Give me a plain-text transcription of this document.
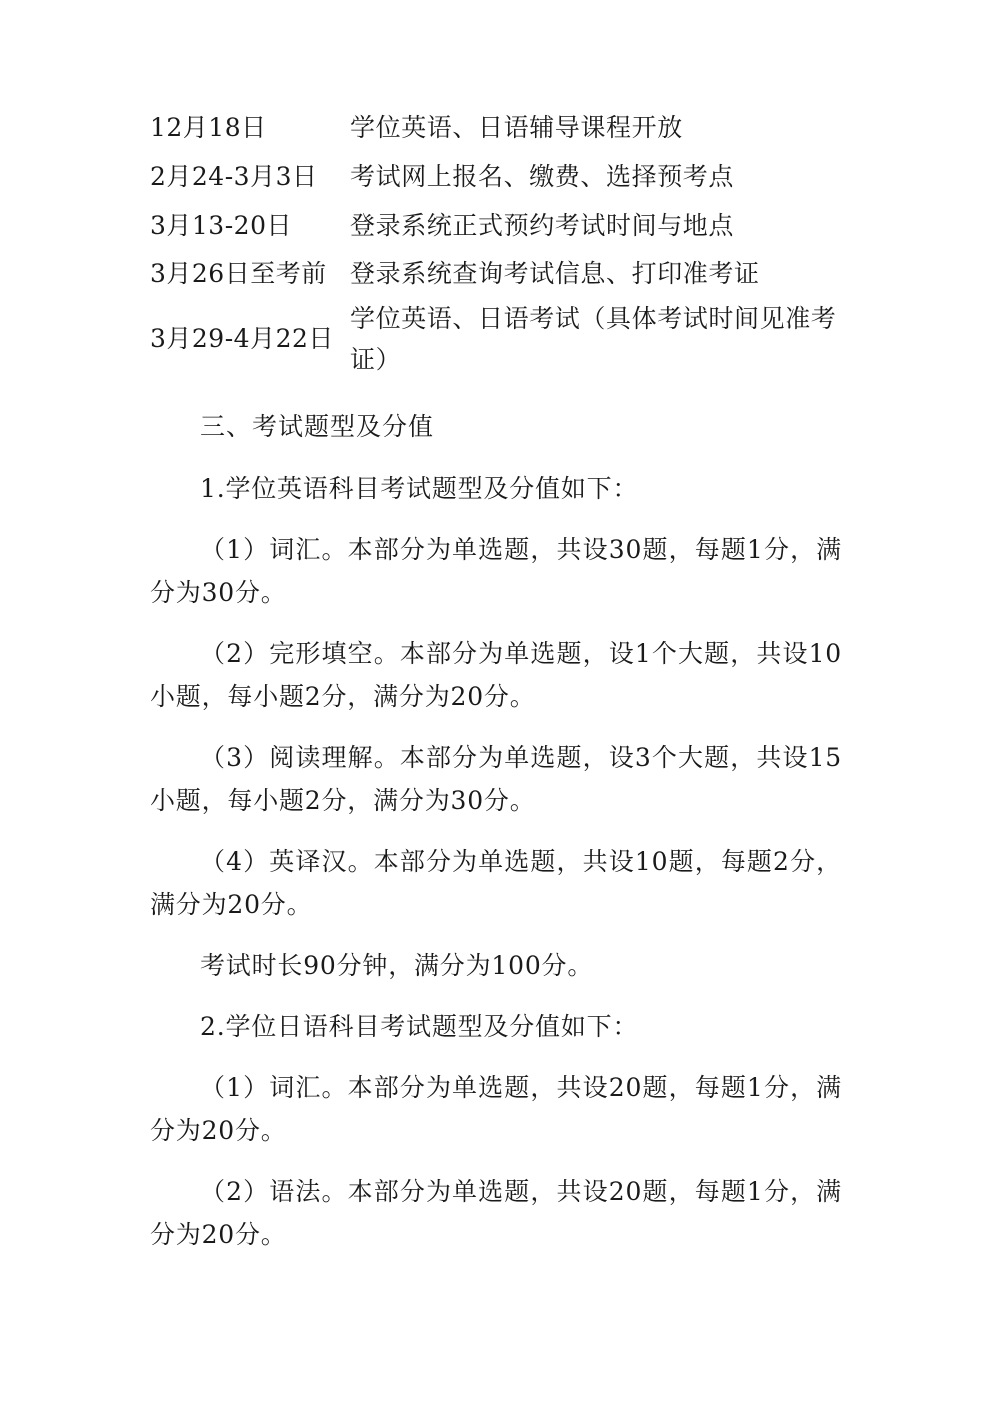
12月18日	学位英语、日语辅导课程开放
2月24-3月3日	考试网上报名、缴费、选择预考点
3月13-20日	登录系统正式预约考试时间与地点
3月26日至考前	登录系统查询考试信息、打印准考证
3月29-4月22日	学位英语、日语考试（具体考试时间见准考证）

三、考试题型及分值

1.学位英语科目考试题型及分值如下：

（1）词汇。本部分为单选题，共设30题，每题1分，满分为30分。

（2）完形填空。本部分为单选题，设1个大题，共设10小题，每小题2分，满分为20分。

（3）阅读理解。本部分为单选题，设3个大题，共设15小题，每小题2分，满分为30分。

（4）英译汉。本部分为单选题，共设10题，每题2分，满分为20分。

考试时长90分钟，满分为100分。

2.学位日语科目考试题型及分值如下：

（1）词汇。本部分为单选题，共设20题，每题1分，满分为20分。

（2）语法。本部分为单选题，共设20题，每题1分，满分为20分。
